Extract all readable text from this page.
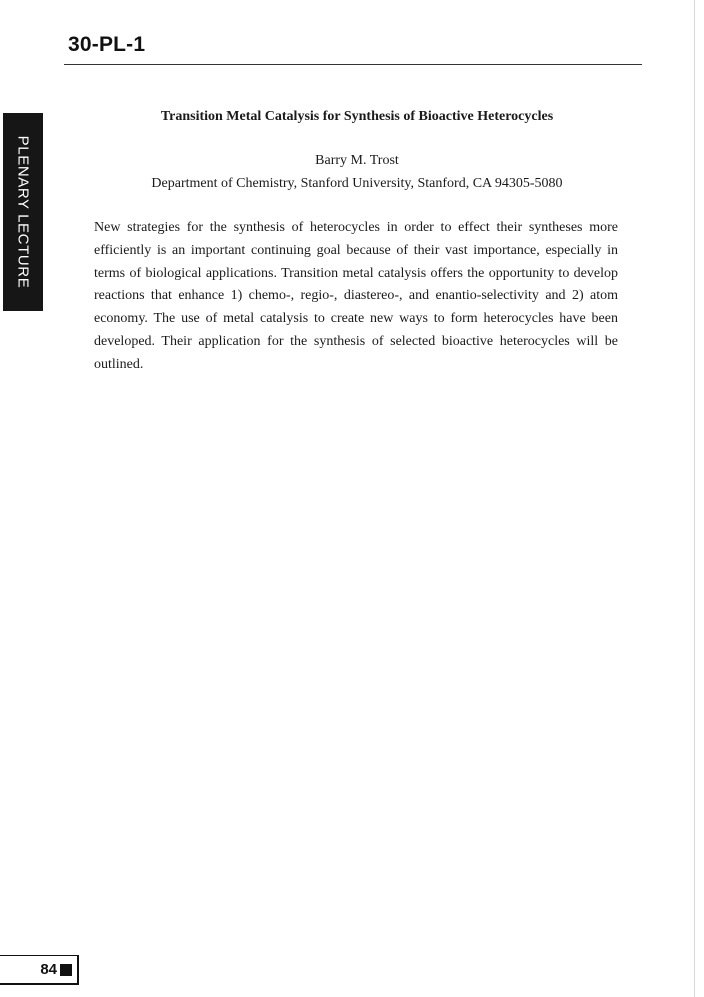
30-PL-1
PLENARY LECTURE
Transition Metal Catalysis for Synthesis of Bioactive Heterocycles
Barry M. Trost
Department of Chemistry, Stanford University, Stanford, CA 94305-5080

New strategies for the synthesis of heterocycles in order to effect their syntheses more efficiently is an important continuing goal because of their vast importance, especially in terms of biological applications. Transition metal catalysis offers the opportunity to develop reactions that enhance 1) chemo-, regio-, diastereo-, and enantio-selectivity and 2) atom economy. The use of metal catalysis to create new ways to form heterocycles have been developed. Their application for the synthesis of selected bioactive heterocycles will be outlined.

84
